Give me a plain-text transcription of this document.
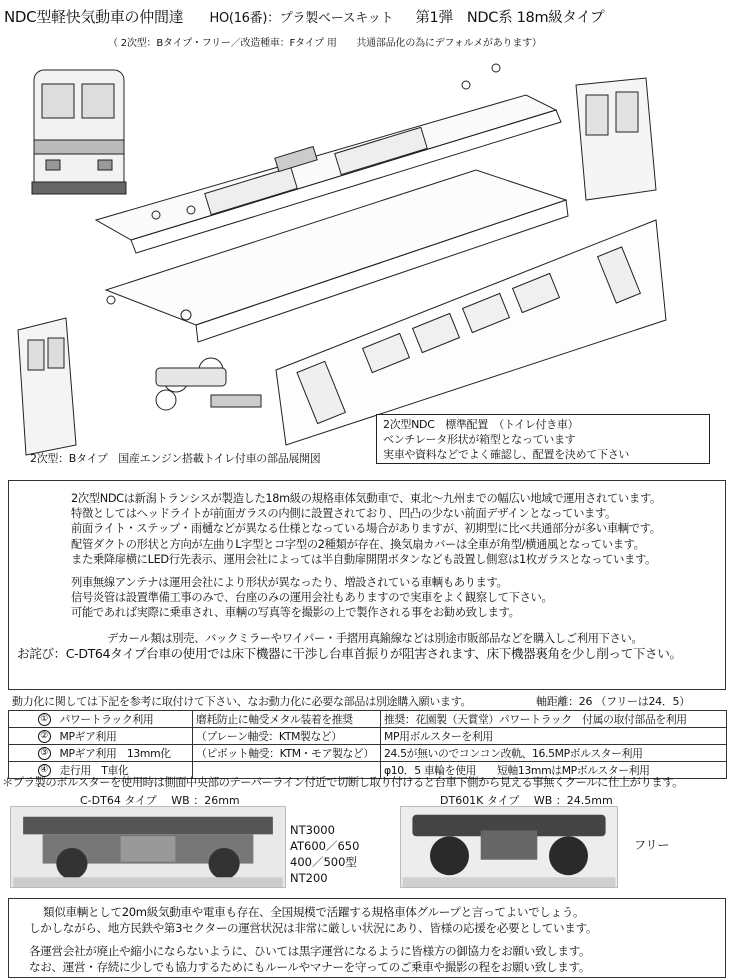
NDC型軽快気動車の仲間達 HO(16番)：プラ製ベースキット 第1弾　NDC系 18m級タイプ
（ 2次型：Bタイプ・フリー／改造種車：Fタイプ 用　　共通部品化の為にデフォルメがあります）
2次型：Bタイプ　国産エンジン搭載トイレ付車の部品展開図
2次型NDC　標準配置　（トイレ付き車）
ベンチレータ形状が箱型となっています
実車や資料などでよく確認し、配置を決めて下さい

2次型NDCは新潟トランシスが製造した18m級の規格車体気動車で、東北～九州までの幅広い地域で運用されています。

特徴としてはヘッドライトが前面ガラスの内側に設置されており、凹凸の少ない前面デザインとなっています。

前面ライト・ステップ・雨樋などが異なる仕様となっている場合がありますが、初期型に比べ共通部分が多い車輌です。

配管ダクトの形状と方向が左曲りL字型とコ字型の2種類が存在、換気扇カバーは全車が角型/横通風となっています。

また乗降扉横にLED行先表示、運用会社によっては半自動扉開閉ボタンなども設置し側窓は1枚ガラスとなっています。

列車無線アンテナは運用会社により形状が異なったり、増設されている車輌もあります。

信号炎管は設置準備工事のみで、台座のみの運用会社もありますので実車をよく観察して下さい。

可能であれば実際に乗車され、車輌の写真等を撮影の上で製作される事をお勧め致します。

デカール類は別売、バックミラーやワイパー・手摺用真鍮線などは別途市販部品などを購入しご利用下さい。

お詫び：C-DT64タイプ台車の使用では床下機器に干渉し台車首振りが阻害されます、床下機器裏角を少し削って下さい。

動力化に関しては下記を参考に取付けて下さい、なお動力化に必要な部品は別途購入願います。	軸距離：26 （フリーは24．5）
①	パワートラック利用	磨耗防止に軸受メタル装着を推奨	推奨：花園製（天賞堂）パワートラック　付属の取付部品を利用
②	MPギア利用	（プレーン軸受：KTM製など）	MP用ボルスターを利用
③	MPギア利用　13mm化	（ピボット軸受：KTM・モア製など）	24.5が無いのでコンコン改軌、16.5MPボルスター利用
④	走行用　T車化		φ10．5 車輪を使用　　短軸13mmはMPボルスター利用
＊プラ製のボルスターを使用時は側面中央部のテーパーライン付近で切断し取り付けると台車下側から見える事無くクールに仕上がります。
C-DT64 タイプ　 WB ：26mm	DT601K タイプ　 WB ：24.5mm
NT3000
AT600／650
400／500型
NT200
フリー

類似車輌として20m級気動車や電車も存在、全国規模で活躍する規格車体グループと言ってよいでしょう。

しかしながら、地方民鉄や第3セクターの運営状況は非常に厳しい状況にあり、皆様の応援を必要としています。

各運営会社が廃止や縮小にならないように、ひいては黒字運営になるように皆様方の御協力をお願い致します。

なお、運営・存続に少しでも協力するためにもルールやマナーを守ってのご乗車や撮影の程をお願い致します。
